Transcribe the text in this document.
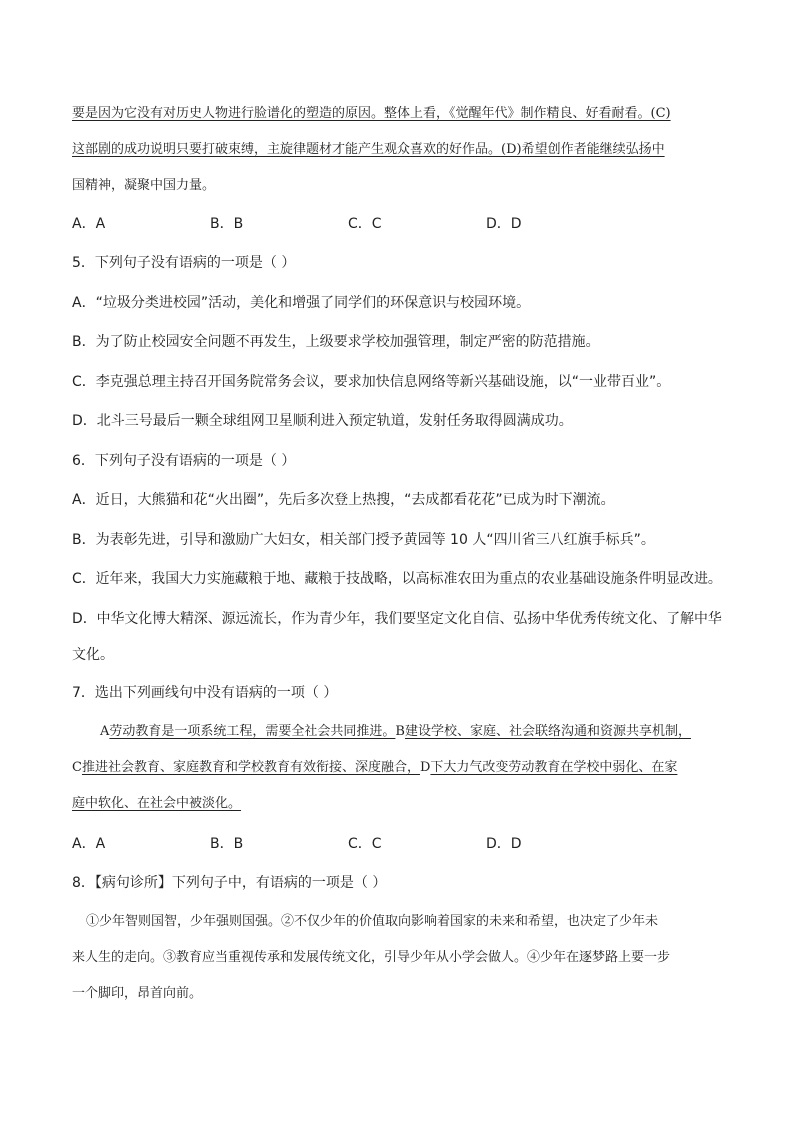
要是因为它没有对历史人物进行脸谱化的塑造的原因。整体上看，《觉醒年代》制作精良、好看耐看。(C)
这部剧的成功说明只要打破束缚，主旋律题材才能产生观众喜欢的好作品。(D)希望创作者能继续弘扬中
国精神，凝聚中国力量。
A．A	B．B	C．C	D．D
5．下列句子没有语病的一项是（ ）
A．“垃圾分类进校园”活动，美化和增强了同学们的环保意识与校园环境。
B．为了防止校园安全问题不再发生，上级要求学校加强管理，制定严密的防范措施。
C．李克强总理主持召开国务院常务会议，要求加快信息网络等新兴基础设施，以“一业带百业”。
D．北斗三号最后一颗全球组网卫星顺利进入预定轨道，发射任务取得圆满成功。
6．下列句子没有语病的一项是（ ）
A．近日，大熊猫和花“火出圈”，先后多次登上热搜，“去成都看花花”已成为时下潮流。
B．为表彰先进，引导和激励广大妇女，相关部门授予黄园等 10 人“四川省三八红旗手标兵”。
C．近年来，我国大力实施藏粮于地、藏粮于技战略，以高标准农田为重点的农业基础设施条件明显改进。
D．中华文化博大精深、源远流长，作为青少年，我们要坚定文化自信、弘扬中华优秀传统文化、了解中华
文化。
7．选出下列画线句中没有语病的一项（ ）
A劳动教育是一项系统工程，需要全社会共同推进。B建设学校、家庭、社会联络沟通和资源共享机制，
C推进社会教育、家庭教育和学校教育有效衔接、深度融合，D下大力气改变劳动教育在学校中弱化、在家
庭中软化、在社会中被淡化。
A．A	B．B	C．C	D．D
8．【病句诊所】下列句子中，有语病的一项是（ ）
①少年智则国智，少年强则国强。②不仅少年的价值取向影响着国家的未来和希望，也决定了少年未
来人生的走向。③教育应当重视传承和发展传统文化，引导少年从小学会做人。④少年在逐梦路上要一步
一个脚印，昂首向前。
